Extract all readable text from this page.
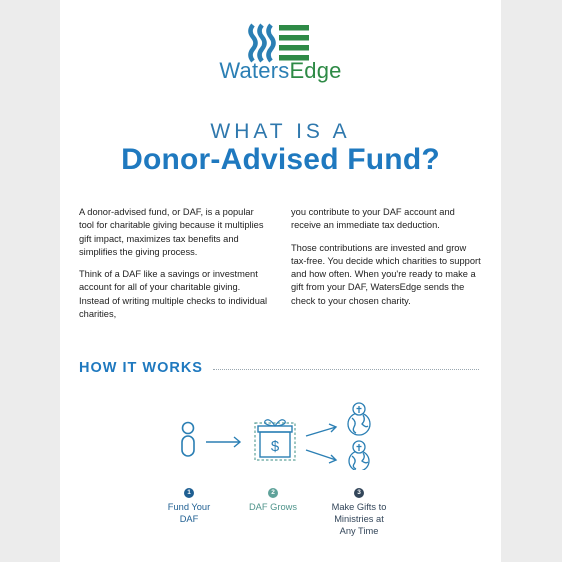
WatersEdge
WHAT IS A
Donor-Advised Fund?

A donor-advised fund, or DAF, is a popular tool for charitable giving because it multiplies gift impact, maximizes tax benefits and simplifies the giving process.

Think of a DAF like a savings or investment account for all of your charitable giving. Instead of writing multiple checks to individual charities,

you contribute to your DAF account and receive an immediate tax deduction.

Those contributions are invested and grow tax-free. You decide which charities to support and how often. When you're ready to make a gift from your DAF, WatersEdge sends the check to your chosen charity.

HOW IT WORKS
$
1
Fund Your
DAF
2
DAF Grows
3
Make Gifts to
Ministries at
Any Time
